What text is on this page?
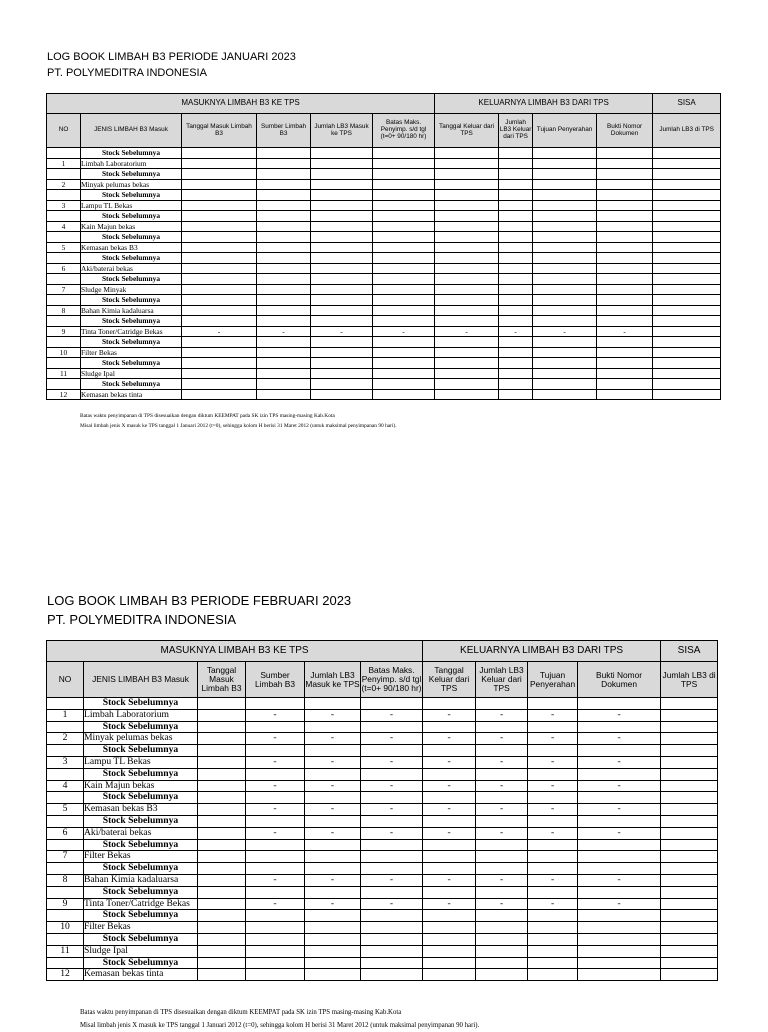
LOG BOOK LIMBAH B3 PERIODE JANUARI 2023
PT. POLYMEDITRA INDONESIA
MASUKNYA LIMBAH B3 KE TPS						KELUARNYA LIMBAH B3 DARI TPS				SISA
NO	JENIS LIMBAH B3 Masuk	Tanggal Masuk Limbah B3	Sumber Limbah B3	Jumlah LB3 Masuk ke TPS	Batas Maks. Penyimp. s/d tgl (t=0+ 90/180 hr)	Tanggal Keluar dari TPS	Jumlah LB3 Keluar dari TPS	Tujuan Penyerahan	Bukti Nomor Dokumen	Jumlah LB3 di TPS
	Stock Sebelumnya									
1	Limbah Laboratorium									
	Stock Sebelumnya									
2	Minyak pelumas bekas									
	Stock Sebelumnya									
3	Lampu TL Bekas									
	Stock Sebelumnya									
4	Kain Majun bekas									
	Stock Sebelumnya									
5	Kemasan bekas B3									
	Stock Sebelumnya									
6	Aki/baterai bekas									
	Stock Sebelumnya									
7	Sludge Minyak									
	Stock Sebelumnya									
8	Bahan Kimia kadaluarsa									
	Stock Sebelumnya									
9	Tinta Toner/Catridge Bekas	-	-	-	-	-	-	-	-	
	Stock Sebelumnya									
10	Filter Bekas									
	Stock Sebelumnya									
11	Sludge Ipal									
	Stock Sebelumnya									
12	Kemasan bekas tinta									
Batas waktu penyimpanan di TPS disesuaikan dengan diktum KEEMPAT pada SK izin TPS masing-masing Kab.Kota
Misal limbah jenis X masuk ke TPS tanggal 1 Januari 2012 (t=0), sehingga kolom H berisi 31 Maret 2012 (untuk maksimal penyimpanan 90 hari).
LOG BOOK LIMBAH B3 PERIODE FEBRUARI 2023
PT. POLYMEDITRA INDONESIA
MASUKNYA LIMBAH B3 KE TPS						KELUARNYA LIMBAH B3 DARI TPS				SISA
NO	JENIS LIMBAH B3 Masuk	Tanggal Masuk Limbah B3	Sumber Limbah B3	Jumlah LB3 Masuk ke TPS	Batas Maks. Penyimp. s/d tgl (t=0+ 90/180 hr)	Tanggal Keluar dari TPS	Jumlah LB3 Keluar dari TPS	Tujuan Penyerahan	Bukti Nomor Dokumen	Jumlah LB3 di TPS
	Stock Sebelumnya									
1	Limbah Laboratorium		-	-	-	-	-	-	-	
	Stock Sebelumnya									
2	Minyak pelumas bekas		-	-	-	-	-	-	-	
	Stock Sebelumnya									
3	Lampu TL Bekas		-	-	-	-	-	-	-	
	Stock Sebelumnya									
4	Kain Majun bekas		-	-	-	-	-	-	-	
	Stock Sebelumnya									
5	Kemasan bekas B3		-	-	-	-	-	-	-	
	Stock Sebelumnya									
6	Aki/baterai bekas		-	-	-	-	-	-	-	
	Stock Sebelumnya									
7	Filter Bekas									
	Stock Sebelumnya									
8	Bahan Kimia kadaluarsa		-	-	-	-	-	-	-	
	Stock Sebelumnya									
9	Tinta Toner/Catridge Bekas		-	-	-	-	-	-	-	
	Stock Sebelumnya									
10	Filter Bekas									
	Stock Sebelumnya									
11	Sludge Ipal									
	Stock Sebelumnya									
12	Kemasan bekas tinta									
Batas waktu penyimpanan di TPS disesuaikan dengan diktum KEEMPAT pada SK izin TPS masing-masing Kab.Kota
Misal limbah jenis X masuk ke TPS tanggal 1 Januari 2012 (t=0), sehingga kolom H berisi 31 Maret 2012 (untuk maksimal penyimpanan 90 hari).
